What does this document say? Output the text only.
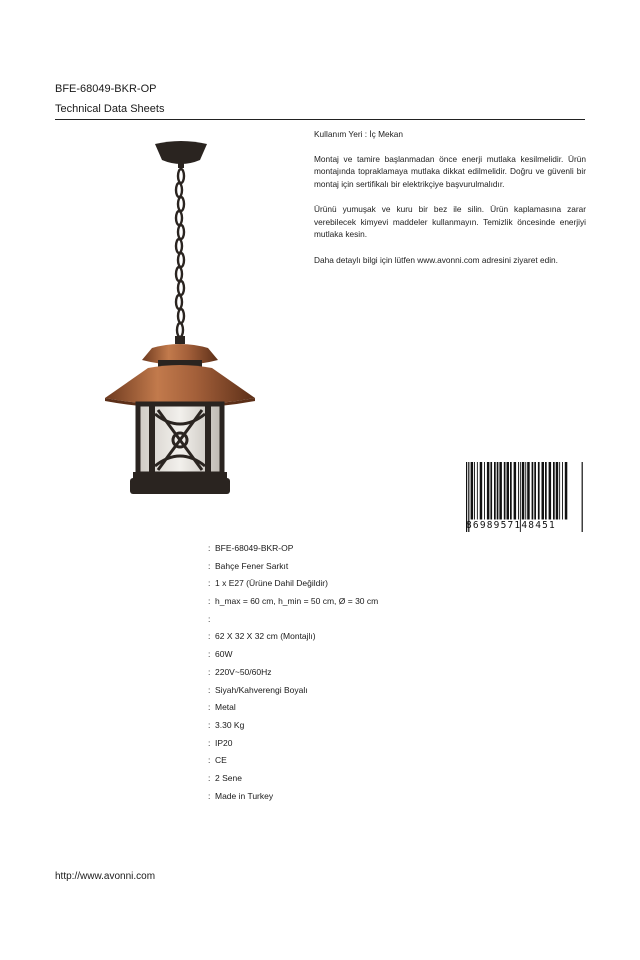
BFE-68049-BKR-OP
Technical Data Sheets

Kullanım Yeri : İç Mekan

Montaj ve tamire başlanmadan önce enerji mutlaka kesilmelidir. Ürün montajında topraklamaya mutlaka dikkat edilmelidir. Doğru ve güvenli bir montaj için sertifikalı bir elektrikçiye başvurulmalıdır.

Ürünü yumuşak ve kuru bir bez ile silin. Ürün kaplamasına zarar verebilecek kimyevi maddeler kullanmayın. Temizlik öncesinde enerjiyi mutlaka kesin.

Daha detaylı bilgi için lütfen www.avonni.com adresini ziyaret edin.

8698957148451
: BFE-68049-BKR-OP
: Bahçe Fener Sarkıt
: 1 x E27 (Ürüne Dahil Değildir)
: h_max = 60 cm, h_min = 50 cm, Ø = 30 cm
:
: 62 X 32 X 32 cm (Montajlı)
: 60W
: 220V~50/60Hz
: Siyah/Kahverengi Boyalı
: Metal
: 3.30 Kg
: IP20
: CE
: 2 Sene
: Made in Turkey
http://www.avonni.com
